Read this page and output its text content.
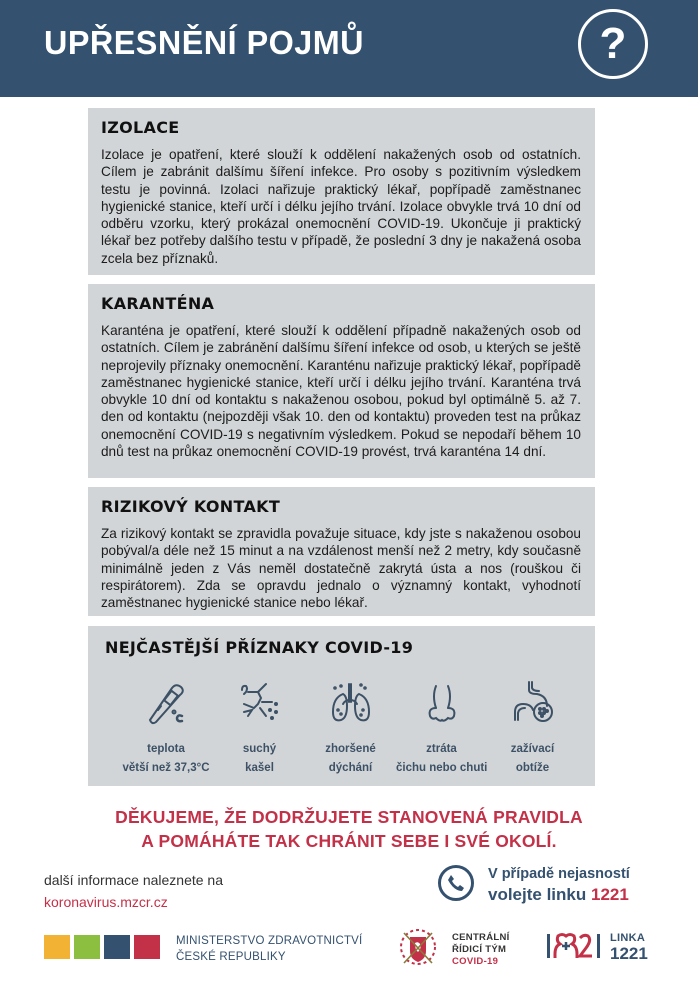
UPŘESNĚNÍ POJMŮ	?
IZOLACE

Izolace je opatření, které slouží k oddělení nakažených osob od ostatních. Cílem je zabránit dalšímu šíření infekce. Pro osoby s pozitivním výsledkem testu je povinná. Izolaci nařizuje praktický lékař, popřípadě zaměstnanec hygienické stanice, kteří určí i délku jejího trvání. Izolace obvykle trvá 10 dní od odběru vzorku, který prokázal onemocnění COVID-19. Ukončuje ji praktický lékař bez potřeby dalšího testu v případě, že poslední 3 dny je nakažená osoba zcela bez příznaků.

KARANTÉNA

Karanténa je opatření, které slouží k oddělení případně nakažených osob od ostatních. Cílem je zabránění dalšímu šíření infekce od osob, u kterých se ještě neprojevily příznaky onemocnění. Karanténu nařizuje praktický lékař, popřípadě zaměstnanec hygienické stanice, kteří určí i délku jejího trvání. Karanténa trvá obvykle 10 dní od kontaktu s nakaženou osobou, pokud byl optimálně 5. až 7. den od kontaktu (nejpozději však 10. den od kontaktu) proveden test na průkaz onemocnění COVID-19 s negativním výsledkem. Pokud se nepodaří během 10 dnů test na průkaz onemocnění COVID-19 provést, trvá karanténa 14 dní.

RIZIKOVÝ KONTAKT

Za rizikový kontakt se zpravidla považuje situace, kdy jste s nakaženou osobou pobýval/a déle než 15 minut a na vzdálenost menší než 2 metry, kdy současně minimálně jeden z Vás neměl dostatečně zakrytá ústa a nos (rouškou či respirátorem). Zda se opravdu jednalo o významný kontakt, vyhodnotí zaměstnanec hygienické stanice nebo lékař.

NEJČASTĚJŠÍ PŘÍZNAKY COVID-19
teplota
větší než 37,3°C
suchý
kašel
zhoršené
dýchání
ztráta
čichu nebo chuti
zažívací
obtíže
DĚKUJEME, ŽE DODRŽUJETE STANOVENÁ PRAVIDLA
A POMÁHÁTE TAK CHRÁNIT SEBE I SVÉ OKOLÍ.
další informace naleznete na
koronavirus.mzcr.cz
V případě nejasností
volejte linku 1221
MINISTERSTVO ZDRAVOTNICTVÍ
ČESKÉ REPUBLIKY
CENTRÁLNÍ
ŘÍDICÍ TÝM
COVID-19
LINKA
1221
